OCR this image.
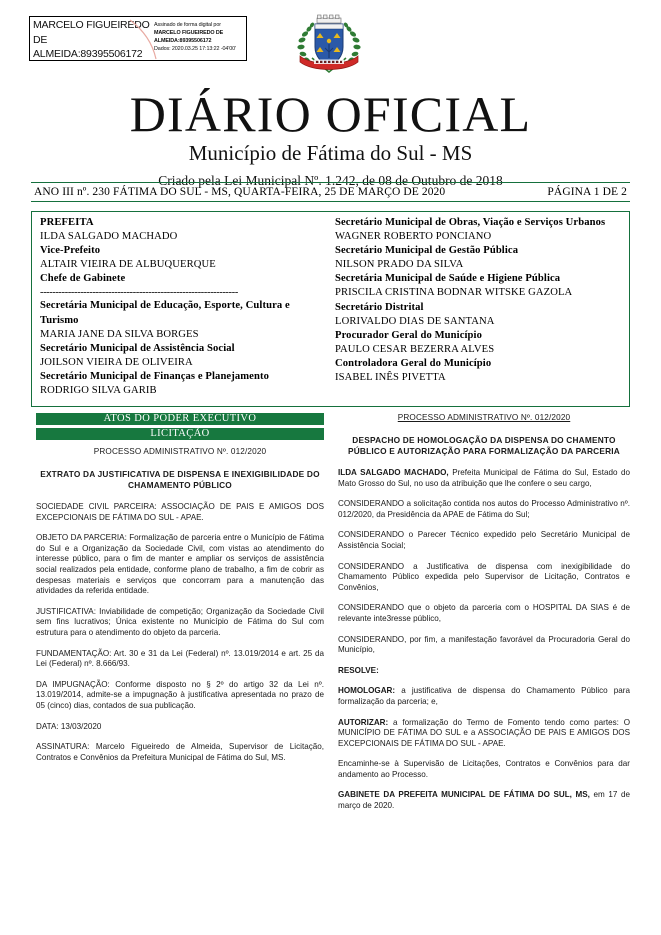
MARCELO FIGUEIREDO
DE
ALMEIDA:89395506172
Assinado de forma digital por
MARCELO FIGUEIREDO DE
ALMEIDA:89395506172
Dados: 2020.03.25 17:13:22 -04'00'
DIÁRIO OFICIAL
Município de Fátima do Sul - MS
Criado pela Lei Municipal Nº. 1.242, de 08 de Outubro de 2018
ANO III nº. 230 FÁTIMA DO SUL - MS, QUARTA-FEIRA, 25 DE MARÇO DE 2020	PÁGINA 1 DE 2
PREFEITA
ILDA SALGADO MACHADO
Vice-Prefeito
ALTAIR VIEIRA DE ALBUQUERQUE
Chefe de Gabinete
----------------------------------------------------------------
Secretária Municipal de Educação, Esporte, Cultura e Turismo
MARIA JANE DA SILVA BORGES
Secretário Municipal de Assistência Social
JOILSON VIEIRA DE OLIVEIRA
Secretário Municipal de Finanças e Planejamento
RODRIGO SILVA GARIB
Secretário Municipal de Obras, Viação e Serviços Urbanos
WAGNER ROBERTO PONCIANO
Secretário Municipal de Gestão Pública
NILSON PRADO DA SILVA
Secretária Municipal de Saúde e Higiene Pública
PRISCILA CRISTINA BODNAR WITSKE GAZOLA
Secretário Distrital
LORIVALDO DIAS DE SANTANA
Procurador Geral do Município
PAULO CESAR BEZERRA ALVES
Controladora Geral do Município
ISABEL INÊS PIVETTA
ATOS DO PODER EXECUTIVO
LICITAÇÃO
PROCESSO ADMINISTRATIVO Nº. 012/2020
EXTRATO DA JUSTIFICATIVA DE DISPENSA E INEXIGIBILIDADE DO CHAMAMENTO PÚBLICO

SOCIEDADE CIVIL PARCEIRA: ASSOCIAÇÃO DE PAIS E AMIGOS DOS EXCEPCIONAIS DE FÁTIMA DO SUL - APAE.

OBJETO DA PARCERIA: Formalização de parceria entre o Município de Fátima do Sul e a Organização da Sociedade Civil, com vistas ao atendimento do interesse público, para o fim de manter e ampliar os serviços de assistência social realizados pela entidade, conforme plano de trabalho, a fim de cobrir as despesas materiais e serviços que concorram para a manutenção das atividades da referida entidade.

JUSTIFICATIVA: Inviabilidade de competição; Organização da Sociedade Civil sem fins lucrativos; Única existente no Município de Fátima do Sul com estrutura para o atendimento do objeto da parceria.

FUNDAMENTAÇÃO: Art. 30 e 31 da Lei (Federal) nº. 13.019/2014 e art. 25 da Lei (Federal) nº. 8.666/93.

DA IMPUGNAÇÃO: Conforme disposto no § 2º do artigo 32 da Lei nº. 13.019/2014, admite-se a impugnação à justificativa apresentada no prazo de 05 (cinco) dias, contados de sua publicação.

DATA: 13/03/2020

ASSINATURA: Marcelo Figueiredo de Almeida, Supervisor de Licitação, Contratos e Convênios da Prefeitura Municipal de Fátima do Sul, MS.

PROCESSO ADMINISTRATIVO Nº. 012/2020
DESPACHO DE HOMOLOGAÇÃO DA DISPENSA DO CHAMENTO PÚBLICO E AUTORIZAÇÃO PARA FORMALIZAÇÃO DA PARCERIA

ILDA SALGADO MACHADO, Prefeita Municipal de Fátima do Sul, Estado do Mato Grosso do Sul, no uso da atribuição que lhe confere o seu cargo,

CONSIDERANDO a solicitação contida nos autos do Processo Administrativo nº. 012/2020, da Presidência da APAE de Fátima do Sul;

CONSIDERANDO o Parecer Técnico expedido pelo Secretário Municipal de Assistência Social;

CONSIDERANDO a Justificativa de dispensa com inexigibilidade do Chamamento Público expedida pelo Supervisor de Licitação, Contratos e Convênios,

CONSIDERANDO que o objeto da parceria com o HOSPITAL DA SIAS é de relevante inte3resse público,

CONSIDERANDO, por fim, a manifestação favorável da Procuradoria Geral do Município,

RESOLVE:

HOMOLOGAR: a justificativa de dispensa do Chamamento Público para formalização da parceria; e,

AUTORIZAR: a formalização do Termo de Fomento tendo como partes: O MUNICÍPIO DE FÁTIMA DO SUL e a ASSOCIAÇÃO DE PAIS E AMIGOS DOS EXCEPCIONAIS DE FÁTIMA DO SUL - APAE.

Encaminhe-se à Supervisão de Licitações, Contratos e Convênios para dar andamento ao Processo.

GABINETE DA PREFEITA MUNICIPAL DE FÁTIMA DO SUL, MS, em 17 de março de 2020.
